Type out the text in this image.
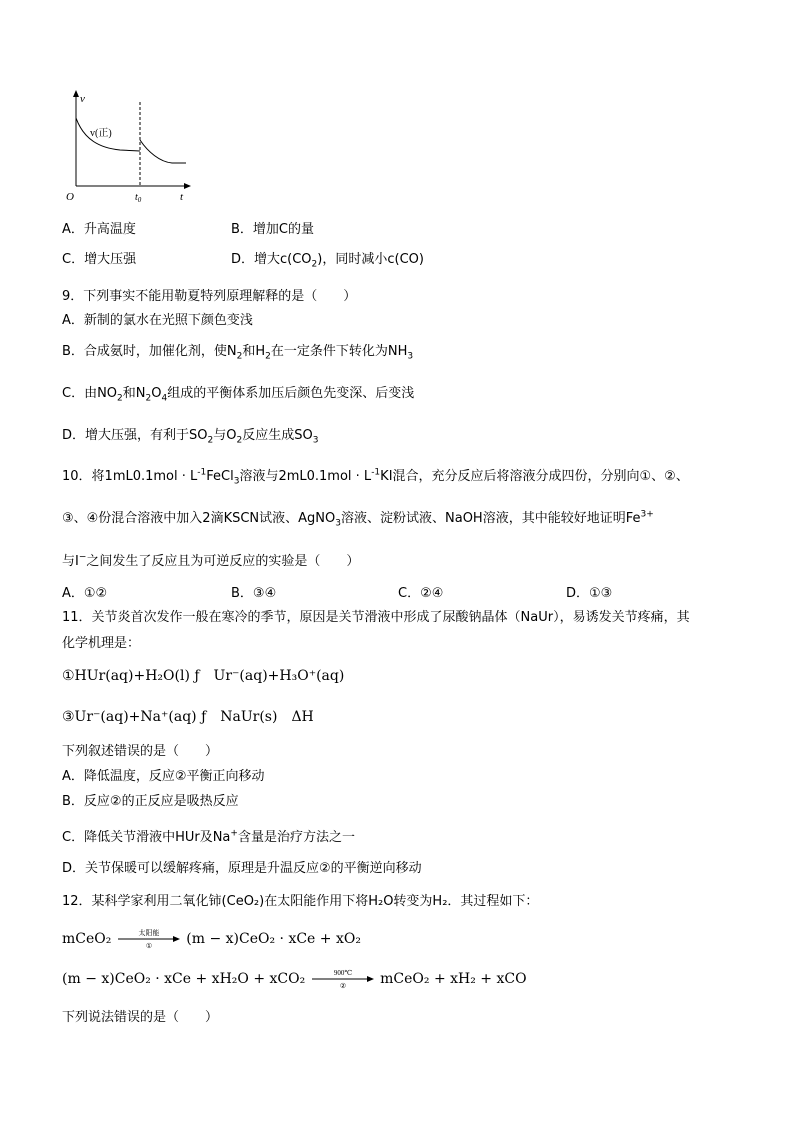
v
v(正)
O	$t_0$	t
A．升高温度	B．增加C的量
C．增大压强	D．增大$c(CO_2)$，同时减小c(CO)
9．下列事实不能用勒夏特列原理解释的是（　　）
A．新制的氯水在光照下颜色变浅
B．合成氨时，加催化剂，使$N_2$和$H_2$在一定条件下转化为$NH_3$
C．由$NO_2$和$N_2O_4$组成的平衡体系加压后颜色先变深、后变浅
D．增大压强，有利于$SO_2$与$O_2$反应生成$SO_3$
10．将$1mL0.1mol \cdot L^{-1}FeCl_3$溶液与$2mL0.1mol \cdot L^{-1}KI$混合，充分反应后将溶液分成四份，分别向①、②、
③、④份混合溶液中加入2滴KSCN试液、AgNO$_3$溶液、淀粉试液、NaOH溶液，其中能较好地证明$Fe^{3+}$
与I−之间发生了反应且为可逆反应的实验是（　　）
A．①②	B．③④	C．②④	D．①③
11．关节炎首次发作一般在寒冷的季节，原因是关节滑液中形成了尿酸钠晶体（NaUr），易诱发关节疼痛，其
化学机理是：
①HUr(aq)+H₂O(l) ƒ　Ur⁻(aq)+H₃O⁺(aq)
③Ur⁻(aq)+Na⁺(aq) ƒ　NaUr(s)　ΔH
下列叙述错误的是（　　）
A．降低温度，反应②平衡正向移动
B．反应②的正反应是吸热反应
C．降低关节滑液中HUr及Na+含量是治疗方法之一
D．关节保暖可以缓解疼痛，原理是升温反应②的平衡逆向移动
12．某科学家利用二氧化铈(CeO₂)在太阳能作用下将H₂O转变为H₂．其过程如下：
mCeO₂	太阳能
① (m − x)CeO₂ · xCe + xO₂
(m − x)CeO₂ · xCe + xH₂O + xCO₂	900℃
② mCeO₂ + xH₂ + xCO
下列说法错误的是（　　）
